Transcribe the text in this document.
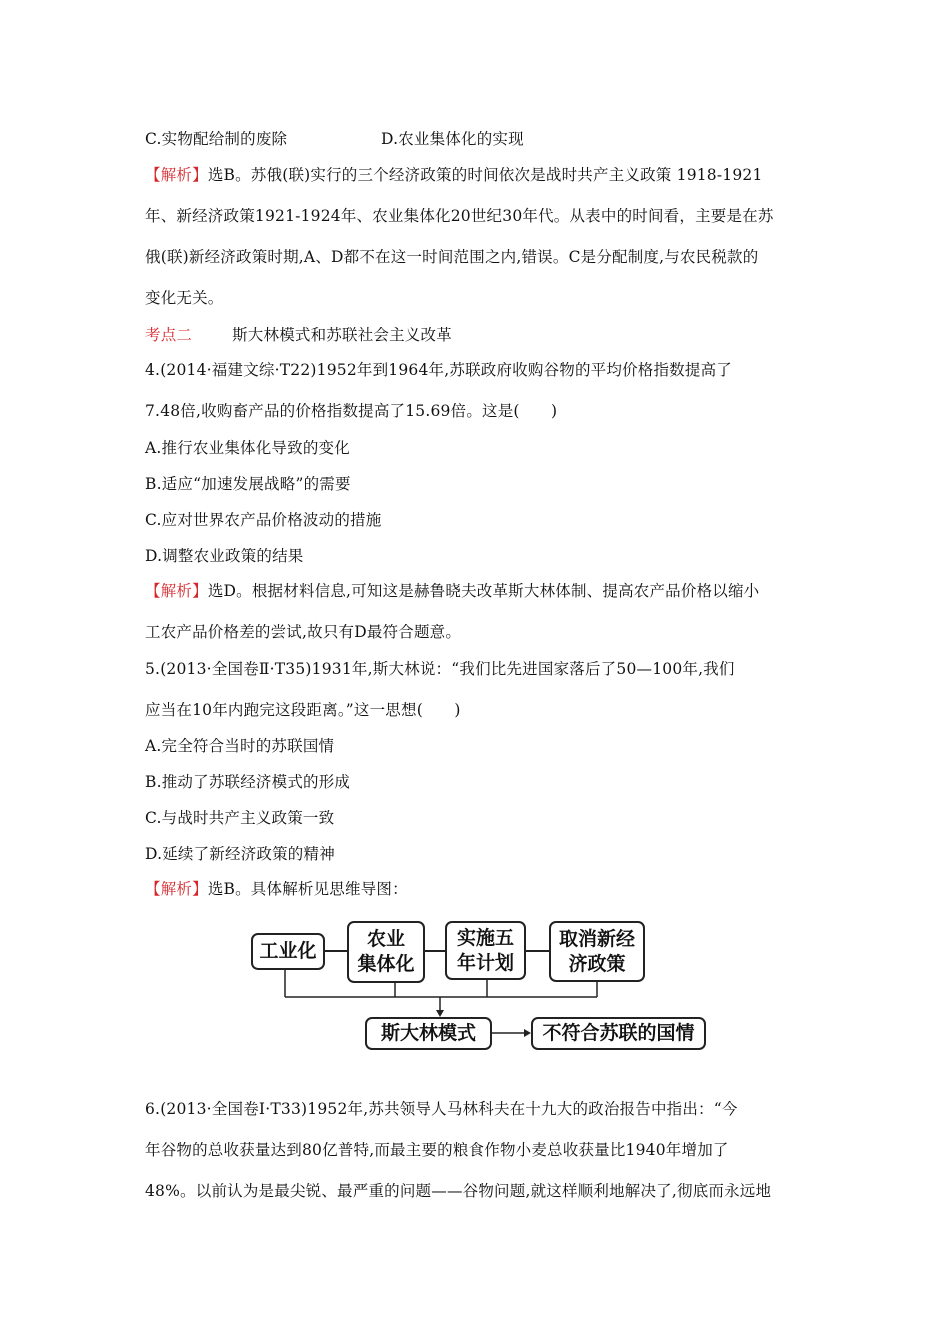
C.实物配给制的废除	D.农业集体化的实现
【解析】选B。苏俄(联)实行的三个经济政策的时间依次是战时共产主义政策 1918-1921
年、新经济政策1921-1924年、农业集体化20世纪30年代。从表中的时间看，主要是在苏
俄(联)新经济政策时期,A、D都不在这一时间范围之内,错误。C是分配制度,与农民税款的
变化无关。
考点二	斯大林模式和苏联社会主义改革
4.(2014·福建文综·T22)1952年到1964年,苏联政府收购谷物的平均价格指数提高了
7.48倍,收购畜产品的价格指数提高了15.69倍。这是(　　)
A.推行农业集体化导致的变化
B.适应“加速发展战略”的需要
C.应对世界农产品价格波动的措施
D.调整农业政策的结果
【解析】选D。根据材料信息,可知这是赫鲁晓夫改革斯大林体制、提高农产品价格以缩小
工农产品价格差的尝试,故只有D最符合题意。
5.(2013·全国卷Ⅱ·T35)1931年,斯大林说：“我们比先进国家落后了50—100年,我们
应当在10年内跑完这段距离。”这一思想(　　)
A.完全符合当时的苏联国情
B.推动了苏联经济模式的形成
C.与战时共产主义政策一致
D.延续了新经济政策的精神
【解析】选B。具体解析见思维导图：
工业化
农业
集体化
实施五
年计划
取消新经
济政策
斯大林模式	不符合苏联的国情
6.(2013·全国卷Ⅰ·T33)1952年,苏共领导人马林科夫在十九大的政治报告中指出：“今
年谷物的总收获量达到80亿普特,而最主要的粮食作物小麦总收获量比1940年增加了
48%。以前认为是最尖锐、最严重的问题——谷物问题,就这样顺利地解决了,彻底而永远地
